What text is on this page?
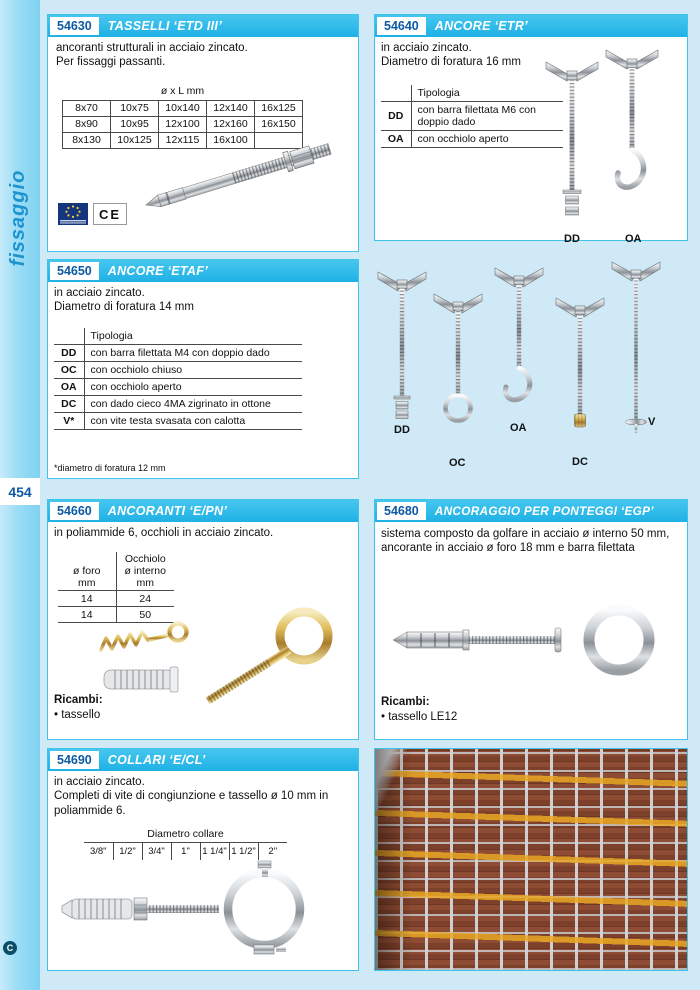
fissaggio
454
C
54630	TASSELLI ‘ETD III’
ancoranti strutturali in acciaio zincato.
Per fissaggi passanti.
ø x L mm				
8x70	10x75	10x140	12x140	16x125
8x90	10x95	12x100	12x160	16x150
8x130	10x125	12x115	16x100	
CE
54640	ANCORE ‘ETR’
in acciaio zincato.
Diametro di foratura 16 mm
	Tipologia
DD	con barra filettata M6 con doppio dado
OA	con occhiolo aperto
DD	OA
54650	ANCORE ‘ETAF’
in acciaio zincato.
Diametro di foratura 14 mm
	Tipologia
DD	con barra filettata M4 con doppio dado
OC	con occhiolo chiuso
OA	con occhiolo aperto
DC	con dado cieco 4MA zigrinato in ottone
V*	con vite testa svasata con calotta
*diametro di foratura 12 mm
DD
OC
OA
DC
V
54660	ANCORANTI ‘E/PN’
in poliammide 6, occhioli in acciaio zincato.
ø foro
mm

Occhiolo
ø interno
mm

14	24
14	50
Ricambi:
• tassello
54680	ANCORAGGIO PER PONTEGGI ‘EGP’
sistema composto da golfare in acciaio ø interno 50 mm, ancorante in acciaio ø foro 18 mm e barra filettata
Ricambi:
• tassello LE12
54690	COLLARI ‘E/CL’
in acciaio zincato.
Completi di vite di congiunzione e tassello ø 10 mm in poliammide 6.
Diametro collare
3/8"	1/2"	3/4"	1"	1 1/4"	1 1/2"	2"
